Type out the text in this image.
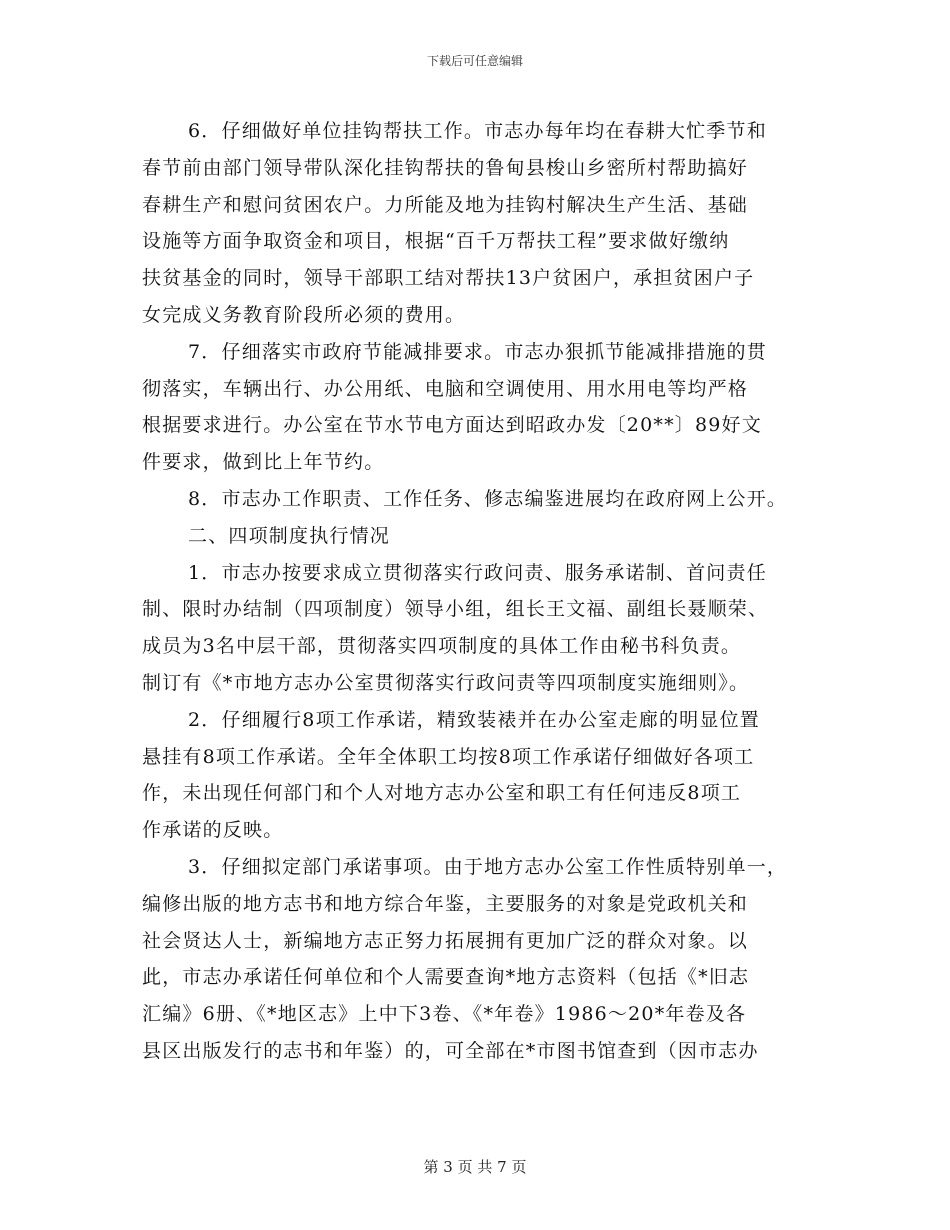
下载后可任意编辑
6．仔细做好单位挂钩帮扶工作。市志办每年均在春耕大忙季节和
春节前由部门领导带队深化挂钩帮扶的鲁甸县梭山乡密所村帮助搞好
春耕生产和慰问贫困农户。力所能及地为挂钩村解决生产生活、基础
设施等方面争取资金和项目，根据“百千万帮扶工程”要求做好缴纳
扶贫基金的同时，领导干部职工结对帮扶13户贫困户，承担贫困户子
女完成义务教育阶段所必须的费用。
7．仔细落实市政府节能减排要求。市志办狠抓节能减排措施的贯
彻落实，车辆出行、办公用纸、电脑和空调使用、用水用电等均严格
根据要求进行。办公室在节水节电方面达到昭政办发〔20**〕89好文
件要求，做到比上年节约。
8．市志办工作职责、工作任务、修志编鉴进展均在政府网上公开。
二、四项制度执行情况
1．市志办按要求成立贯彻落实行政问责、服务承诺制、首问责任
制、限时办结制（四项制度）领导小组，组长王文福、副组长聂顺荣、
成员为3名中层干部，贯彻落实四项制度的具体工作由秘书科负责。
制订有《*市地方志办公室贯彻落实行政问责等四项制度实施细则》。
2．仔细履行8项工作承诺，精致装裱并在办公室走廊的明显位置
悬挂有8项工作承诺。全年全体职工均按8项工作承诺仔细做好各项工
作，未出现任何部门和个人对地方志办公室和职工有任何违反8项工
作承诺的反映。
3．仔细拟定部门承诺事项。由于地方志办公室工作性质特别单一，
编修出版的地方志书和地方综合年鉴，主要服务的对象是党政机关和
社会贤达人士，新编地方志正努力拓展拥有更加广泛的群众对象。以
此，市志办承诺任何单位和个人需要查询*地方志资料（包括《*旧志
汇编》6册、《*地区志》上中下3卷、《*年卷》1986～20*年卷及各
县区出版发行的志书和年鉴）的，可全部在*市图书馆查到（因市志办
第 3 页 共 7 页
